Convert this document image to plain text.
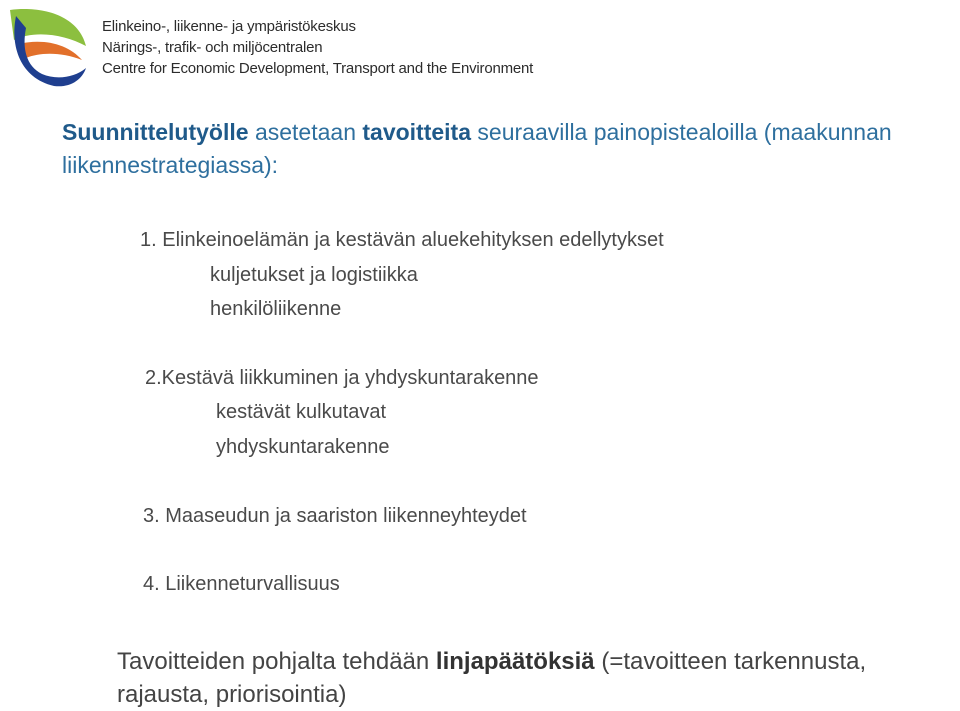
Elinkeino-, liikenne- ja ympäristökeskus
Närings-, trafik- och miljöcentralen
Centre for Economic Development, Transport and the Environment
Suunnittelutyölle asetetaan tavoitteita seuraavilla painopistealoilla (maakunnan liikennestrategiassa):
1. Elinkeinoelämän ja kestävän aluekehityksen edellytykset
kuljetukset ja logistiikka
henkilöliikenne
2.Kestävä liikkuminen ja yhdyskuntarakenne
kestävät kulkutavat
yhdyskuntarakenne
3. Maaseudun ja saariston liikenneyhteydet
4. Liikenneturvallisuus
Tavoitteiden pohjalta tehdään linjapäätöksiä (=tavoitteen tarkennusta, rajausta, priorisointia)
